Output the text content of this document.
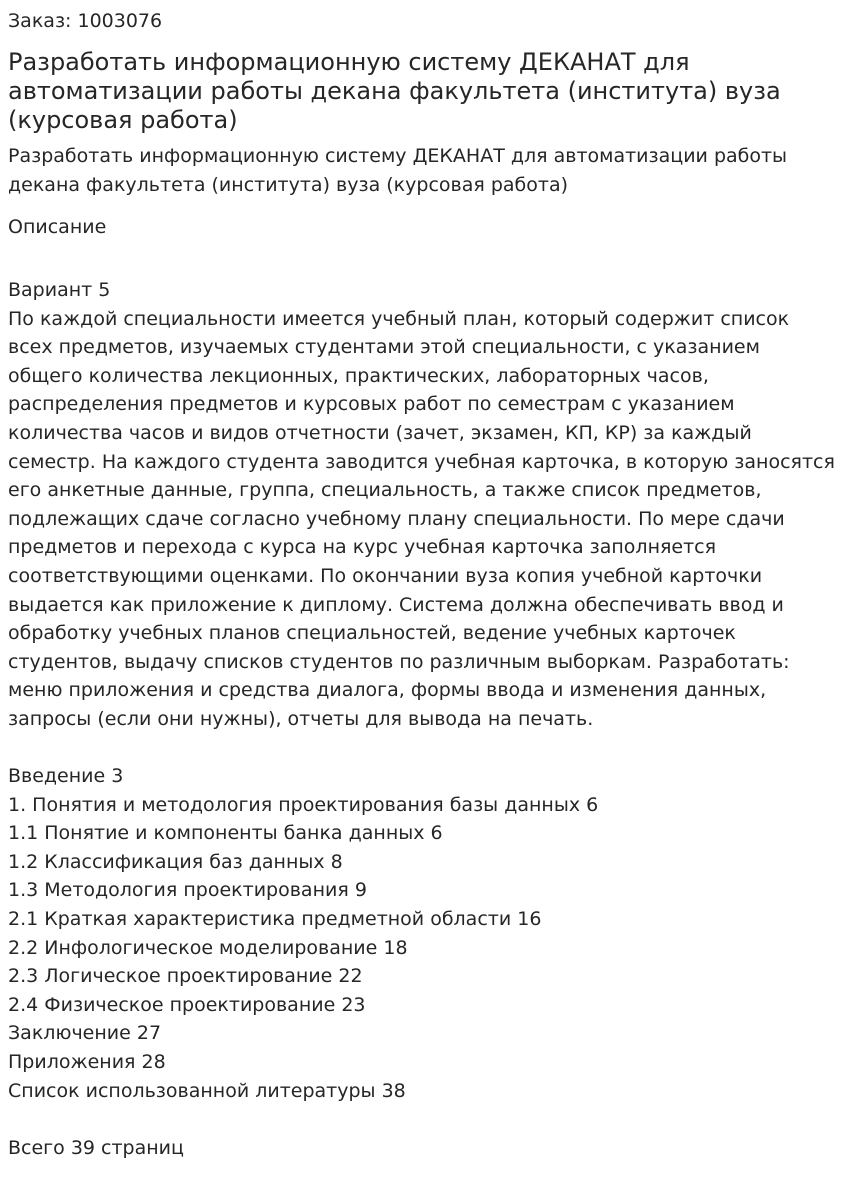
Заказ: 1003076
Разработать информационную систему ДЕКАНАТ для автоматизации работы декана факультета (института) вуза (курсовая работа)
Разработать информационную систему ДЕКАНАТ для автоматизации работы
декана факультета (института) вуза (курсовая работа)
Описание
Вариант 5
По каждой специальности имеется учебный план, который содержит список
всех предметов, изучаемых студентами этой специальности, с указанием
общего количества лекционных, практических, лабораторных часов,
распределения предметов и курсовых работ по семестрам с указанием
количества часов и видов отчетности (зачет, экзамен, КП, КР) за каждый
семестр. На каждого студента заводится учебная карточка, в которую заносятся
его анкетные данные, группа, специальность, а также список предметов,
подлежащих сдаче согласно учебному плану специальности. По мере сдачи
предметов и перехода с курса на курс учебная карточка заполняется
соответствующими оценками. По окончании вуза копия учебной карточки
выдается как приложение к диплому. Система должна обеспечивать ввод и
обработку учебных планов специальностей, ведение учебных карточек
студентов, выдачу списков студентов по различным выборкам. Разработать:
меню приложения и средства диалога, формы ввода и изменения данных,
запросы (если они нужны), отчеты для вывода на печать.
Введение 3
1. Понятия и методология проектирования базы данных 6
1.1 Понятие и компоненты банка данных 6
1.2 Классификация баз данных 8
1.3 Методология проектирования 9
2.1 Краткая характеристика предметной области 16
2.2 Инфологическое моделирование 18
2.3 Логическое проектирование 22
2.4 Физическое проектирование 23
Заключение 27
Приложения 28
Список использованной литературы 38
Всего 39 страниц
